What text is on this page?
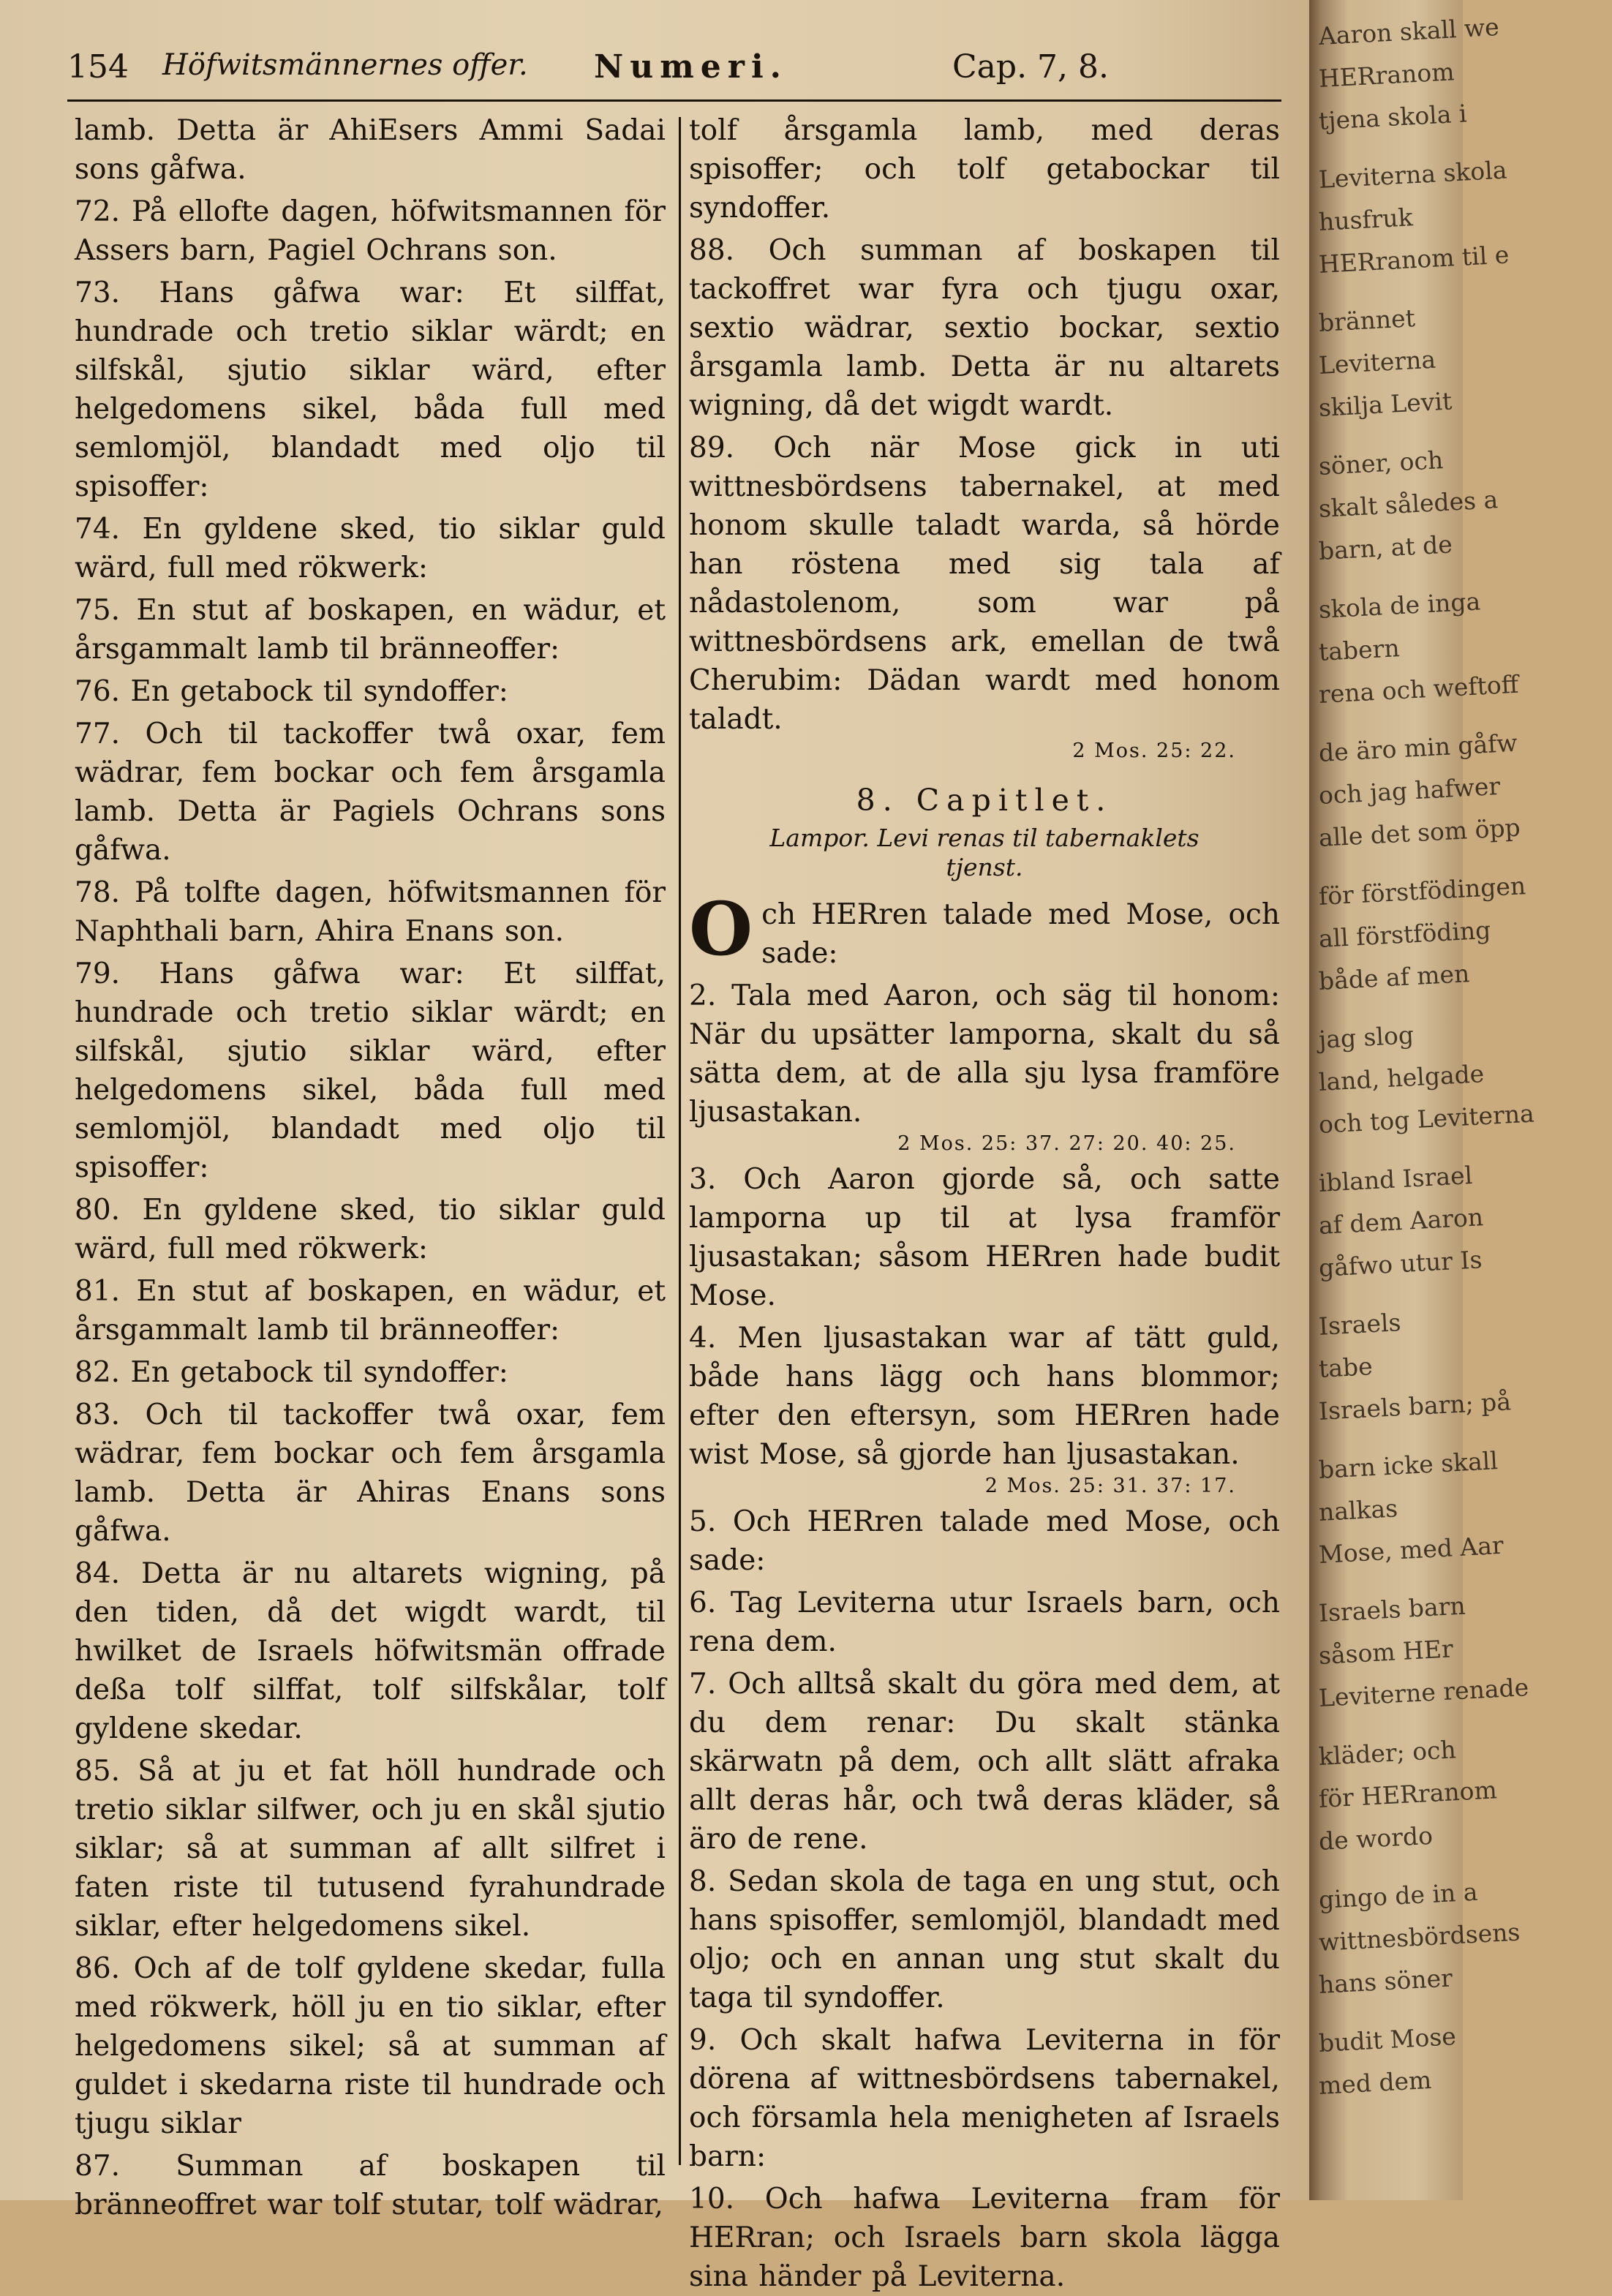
154 Höfwitsmännernes offer. Numeri.	Cap. 7, 8.

lamb. Detta är AhiEsers Ammi Sadai sons gåfwa.

72. På ellofte dagen, höfwitsmannen för Assers barn, Pagiel Ochrans son.

73. Hans gåfwa war: Et silffat, hundrade och tretio siklar wärdt; en silfskål, sjutio siklar wärd, efter helgedomens sikel, båda full med semlomjöl, blandadt med oljo til spisoffer:

74. En gyldene sked, tio siklar guld wärd, full med rökwerk:

75. En stut af boskapen, en wädur, et årsgammalt lamb til bränneoffer:

76. En getabock til syndoffer:

77. Och til tackoffer twå oxar, fem wädrar, fem bockar och fem årsgamla lamb. Detta är Pagiels Ochrans sons gåfwa.

78. På tolfte dagen, höfwitsmannen för Naphthali barn, Ahira Enans son.

79. Hans gåfwa war: Et silffat, hundrade och tretio siklar wärdt; en silfskål, sjutio siklar wärd, efter helgedomens sikel, båda full med semlomjöl, blandadt med oljo til spisoffer:

80. En gyldene sked, tio siklar guld wärd, full med rökwerk:

81. En stut af boskapen, en wädur, et årsgammalt lamb til bränneoffer:

82. En getabock til syndoffer:

83. Och til tackoffer twå oxar, fem wädrar, fem bockar och fem årsgamla lamb. Detta är Ahiras Enans sons gåfwa.

84. Detta är nu altarets wigning, på den tiden, då det wigdt wardt, til hwilket de Israels höfwitsmän offrade deßa tolf silffat, tolf silfskålar, tolf gyldene skedar.

85. Så at ju et fat höll hundrade och tretio siklar silfwer, och ju en skål sjutio siklar; så at summan af allt silfret i faten riste til tutusend fyrahundrade siklar, efter helgedomens sikel.

86. Och af de tolf gyldene skedar, fulla med rökwerk, höll ju en tio siklar, efter helgedomens sikel; så at summan af guldet i skedarna riste til hundrade och tjugu siklar

87. Summan af boskapen til bränneoffret war tolf stutar, tolf wädrar,

tolf årsgamla lamb, med deras spisoffer; och tolf getabockar til syndoffer.

88. Och summan af boskapen til tackoffret war fyra och tjugu oxar, sextio wädrar, sextio bockar, sextio årsgamla lamb. Detta är nu altarets wigning, då det wigdt wardt.

89. Och när Mose gick in uti wittnesbördsens tabernakel, at med honom skulle taladt warda, så hörde han röstena med sig tala af nådastolenom, som war på wittnesbördsens ark, emellan de twå Cherubim: Dädan wardt med honom taladt.

2 Mos. 25: 22.

8. Capitlet.

Lampor. Levi renas til tabernaklets tjenst.

Och HERren talade med Mose, och sade:

2. Tala med Aaron, och säg til honom: När du upsätter lamporna, skalt du så sätta dem, at de alla sju lysa framföre ljusastakan.

2 Mos. 25: 37. 27: 20. 40: 25.

3. Och Aaron gjorde så, och satte lamporna up til at lysa framför ljusastakan; såsom HERren hade budit Mose.

4. Men ljusastakan war af tätt guld, både hans lägg och hans blommor; efter den eftersyn, som HERren hade wist Mose, så gjorde han ljusastakan.

2 Mos. 25: 31. 37: 17.

5. Och HERren talade med Mose, och sade:

6. Tag Leviterna utur Israels barn, och rena dem.

7. Och alltså skalt du göra med dem, at du dem renar: Du skalt stänka skärwatn på dem, och allt slätt afraka allt deras hår, och twå deras kläder, så äro de rene.

8. Sedan skola de taga en ung stut, och hans spisoffer, semlomjöl, blandadt med oljo; och en annan ung stut skalt du taga til syndoffer.

9. Och skalt hafwa Leviterna in för dörena af wittnesbördsens tabernakel, och församla hela menigheten af Israels barn:

10. Och hafwa Leviterna fram för HERran; och Israels barn skola lägga sina händer på Leviterna.

Aaron skall we
HERranom
tjena skola i
Leviterna skola
husfruk
HERranom til e
brännet
Leviterna
skilja Levit
söner, och
skalt således a
barn, at de
skola de inga
tabern
rena och weftoff
de äro min gåfw
och jag hafwer
alle det som öpp
för förstfödingen
all förstföding
både af men
jag slog
land, helgade
och tog Leviterna
ibland Israel
af dem Aaron
gåfwo utur Is
Israels
tabe
Israels barn; på
barn icke skall
nalkas
Mose, med Aar
Israels barn
såsom HEr
Leviterne renade
kläder; och
för HERranom
de wordo
gingo de in a
wittnesbördsens
hans söner
budit Mose
med dem
